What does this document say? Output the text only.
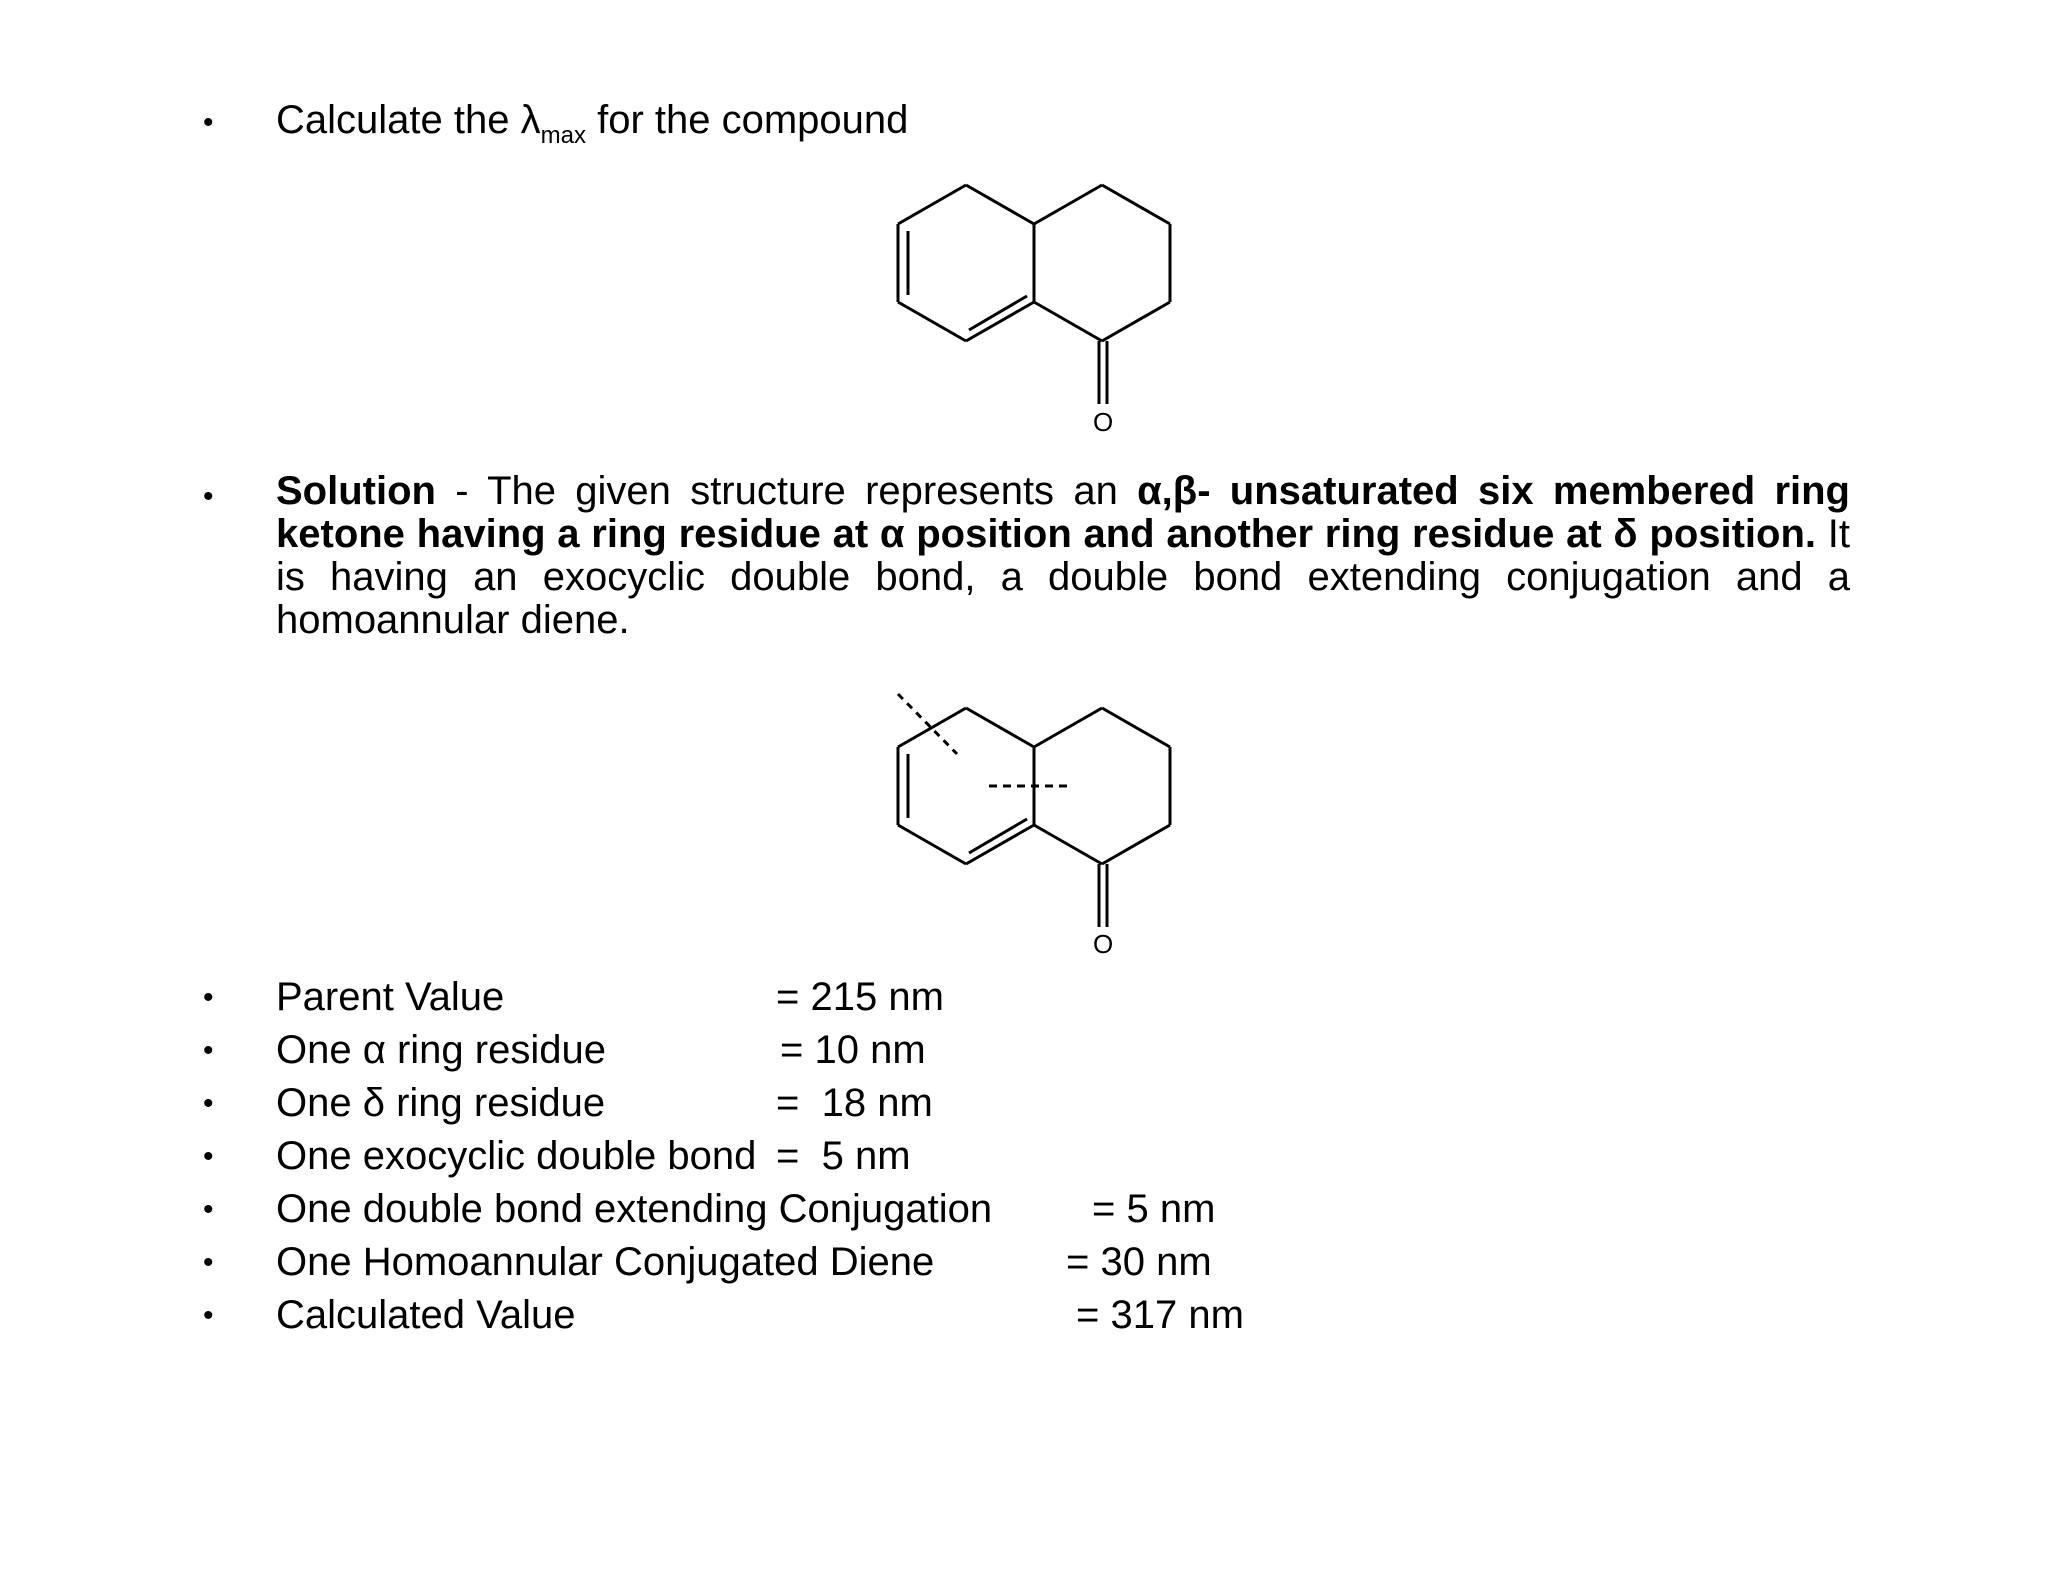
• Calculate the $\lambda_{max}$ for the compound
O
• Solution - The given structure represents an α,β- unsaturated six membered ring ketone having a ring residue at α position and another ring residue at δ position. It is having an exocyclic double bond, a double bond extending conjugation and a homoannular diene.
O
• Parent Value	= 215 nm
• One α ring residue	= 10 nm
• One δ ring residue	=  18 nm
• One exocyclic double bond =  5 nm
• One double bond extending Conjugation = 5 nm
• One Homoannular Conjugated Diene	= 30 nm
• Calculated Value	= 317 nm
